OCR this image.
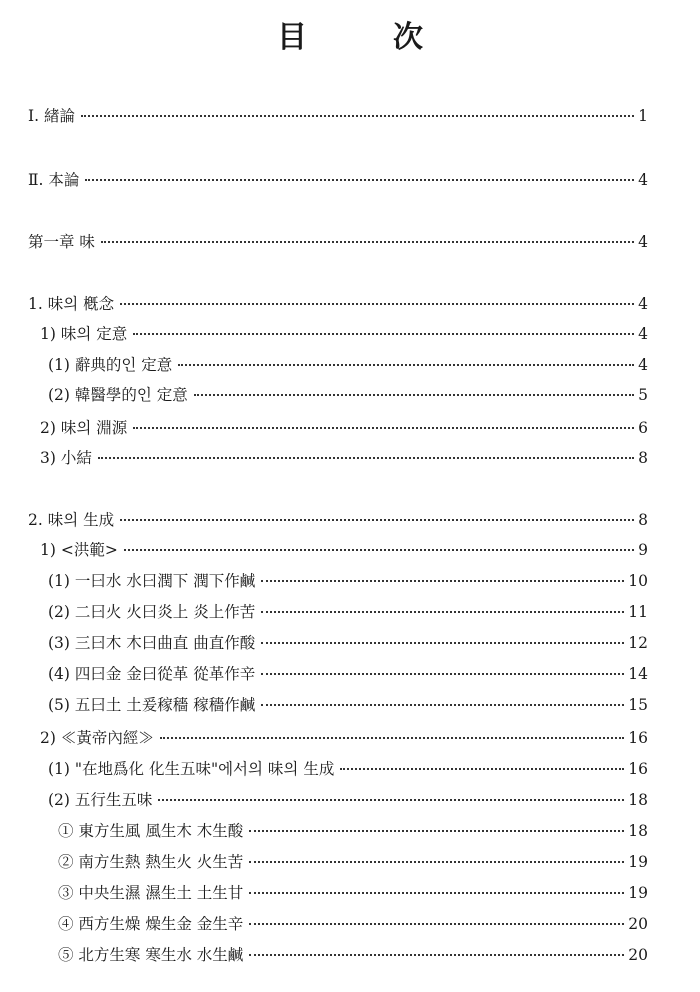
目　次
Ⅰ. 緖論	1
Ⅱ. 本論	4
第一章 味	4
1. 味의 槪念	4
1) 味의 定意	4
(1) 辭典的인 定意	4
(2) 韓醫學的인 定意	5
2) 味의 淵源	6
3) 小結	8
2. 味의 生成	8
1) <洪範>	9
(1) 一曰水 水曰潤下 潤下作鹹	10
(2) 二曰火 火曰炎上 炎上作苦	11
(3) 三曰木 木曰曲直 曲直作酸	12
(4) 四曰金 金曰從革 從革作辛	14
(5) 五曰土 土爰稼穡 稼穡作鹹	15
2) ≪黃帝內經≫	16
(1) "在地爲化 化生五味"에서의 味의 生成	16
(2) 五行生五味	18
① 東方生風 風生木 木生酸	18
② 南方生熱 熱生火 火生苦	19
③ 中央生濕 濕生土 土生甘	19
④ 西方生燥 燥生金 金生辛	20
⑤ 北方生寒 寒生水 水生鹹	20
